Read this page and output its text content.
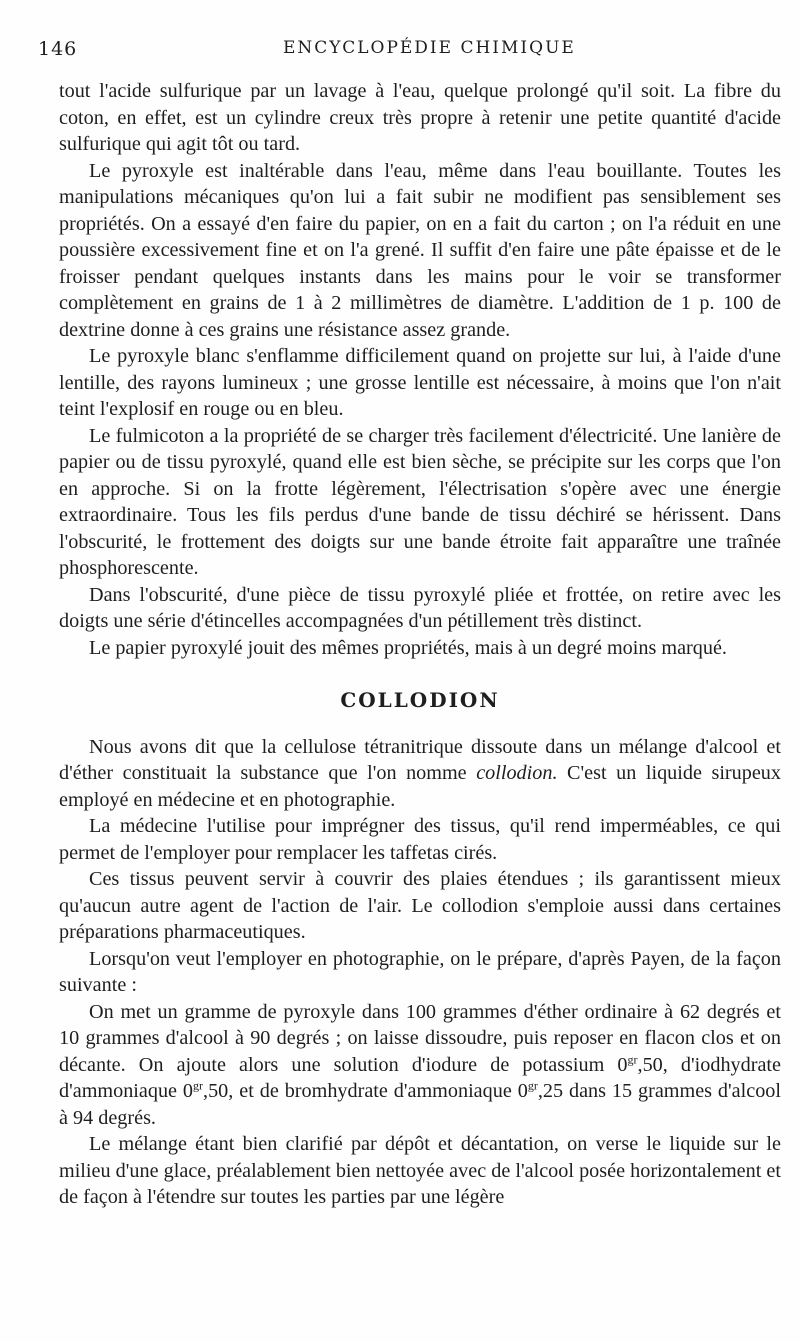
146	ENCYCLOPÉDIE CHIMIQUE

tout l'acide sulfurique par un lavage à l'eau, quelque prolongé qu'il soit. La fibre du coton, en effet, est un cylindre creux très propre à retenir une petite quantité d'acide sulfurique qui agit tôt ou tard.

Le pyroxyle est inaltérable dans l'eau, même dans l'eau bouillante. Toutes les manipulations mécaniques qu'on lui a fait subir ne modifient pas sensiblement ses propriétés. On a essayé d'en faire du papier, on en a fait du carton ; on l'a réduit en une poussière excessivement fine et on l'a grené. Il suffit d'en faire une pâte épaisse et de le froisser pendant quelques instants dans les mains pour le voir se transformer complètement en grains de 1 à 2 millimètres de diamètre. L'addition de 1 p. 100 de dextrine donne à ces grains une résistance assez grande.

Le pyroxyle blanc s'enflamme difficilement quand on projette sur lui, à l'aide d'une lentille, des rayons lumineux ; une grosse lentille est nécessaire, à moins que l'on n'ait teint l'explosif en rouge ou en bleu.

Le fulmicoton a la propriété de se charger très facilement d'électricité. Une lanière de papier ou de tissu pyroxylé, quand elle est bien sèche, se précipite sur les corps que l'on en approche. Si on la frotte légèrement, l'électrisation s'opère avec une énergie extraordinaire. Tous les fils perdus d'une bande de tissu déchiré se hérissent. Dans l'obscurité, le frottement des doigts sur une bande étroite fait apparaître une traînée phosphorescente.

Dans l'obscurité, d'une pièce de tissu pyroxylé pliée et frottée, on retire avec les doigts une série d'étincelles accompagnées d'un pétillement très distinct.

Le papier pyroxylé jouit des mêmes propriétés, mais à un degré moins marqué.

COLLODION

Nous avons dit que la cellulose tétranitrique dissoute dans un mélange d'alcool et d'éther constituait la substance que l'on nomme collodion. C'est un liquide sirupeux employé en médecine et en photographie.

La médecine l'utilise pour imprégner des tissus, qu'il rend imperméables, ce qui permet de l'employer pour remplacer les taffetas cirés.

Ces tissus peuvent servir à couvrir des plaies étendues ; ils garantissent mieux qu'aucun autre agent de l'action de l'air. Le collodion s'emploie aussi dans certaines préparations pharmaceutiques.

Lorsqu'on veut l'employer en photographie, on le prépare, d'après Payen, de la façon suivante :

On met un gramme de pyroxyle dans 100 grammes d'éther ordinaire à 62 degrés et 10 grammes d'alcool à 90 degrés ; on laisse dissoudre, puis reposer en flacon clos et on décante. On ajoute alors une solution d'iodure de potassium $0^{gr},50$, d'iodhydrate d'ammoniaque $0^{gr},50$, et de bromhydrate d'ammoniaque $0^{gr},25$ dans 15 grammes d'alcool à 94 degrés.

Le mélange étant bien clarifié par dépôt et décantation, on verse le liquide sur le milieu d'une glace, préalablement bien nettoyée avec de l'alcool posée horizontalement et de façon à l'étendre sur toutes les parties par une légère
